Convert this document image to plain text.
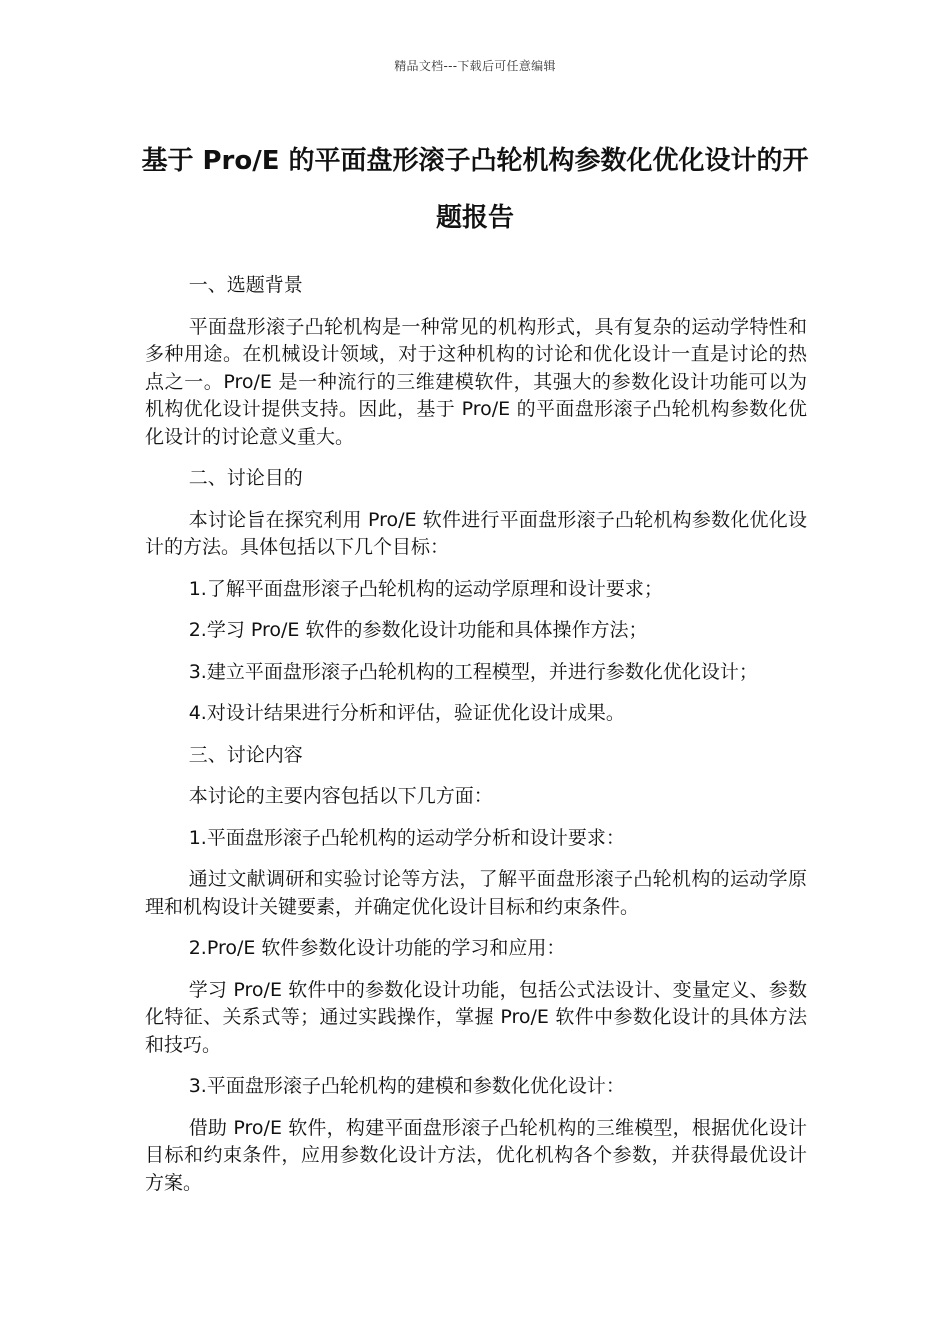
精品文档---下载后可任意编辑
基于 Pro/E 的平面盘形滚子凸轮机构参数化优化设计的开题报告

一、选题背景

平面盘形滚子凸轮机构是一种常见的机构形式，具有复杂的运动学特性和多种用途。在机械设计领域，对于这种机构的讨论和优化设计一直是讨论的热点之一。Pro/E 是一种流行的三维建模软件，其强大的参数化设计功能可以为机构优化设计提供支持。因此，基于 Pro/E 的平面盘形滚子凸轮机构参数化优化设计的讨论意义重大。

二、讨论目的

本讨论旨在探究利用 Pro/E 软件进行平面盘形滚子凸轮机构参数化优化设计的方法。具体包括以下几个目标：

1.了解平面盘形滚子凸轮机构的运动学原理和设计要求；

2.学习 Pro/E 软件的参数化设计功能和具体操作方法；

3.建立平面盘形滚子凸轮机构的工程模型，并进行参数化优化设计；

4.对设计结果进行分析和评估，验证优化设计成果。

三、讨论内容

本讨论的主要内容包括以下几方面：

1.平面盘形滚子凸轮机构的运动学分析和设计要求：

通过文献调研和实验讨论等方法，了解平面盘形滚子凸轮机构的运动学原理和机构设计关键要素，并确定优化设计目标和约束条件。

2.Pro/E 软件参数化设计功能的学习和应用：

学习 Pro/E 软件中的参数化设计功能，包括公式法设计、变量定义、参数化特征、关系式等；通过实践操作，掌握 Pro/E 软件中参数化设计的具体方法和技巧。

3.平面盘形滚子凸轮机构的建模和参数化优化设计：

借助 Pro/E 软件，构建平面盘形滚子凸轮机构的三维模型，根据优化设计目标和约束条件，应用参数化设计方法，优化机构各个参数，并获得最优设计方案。
